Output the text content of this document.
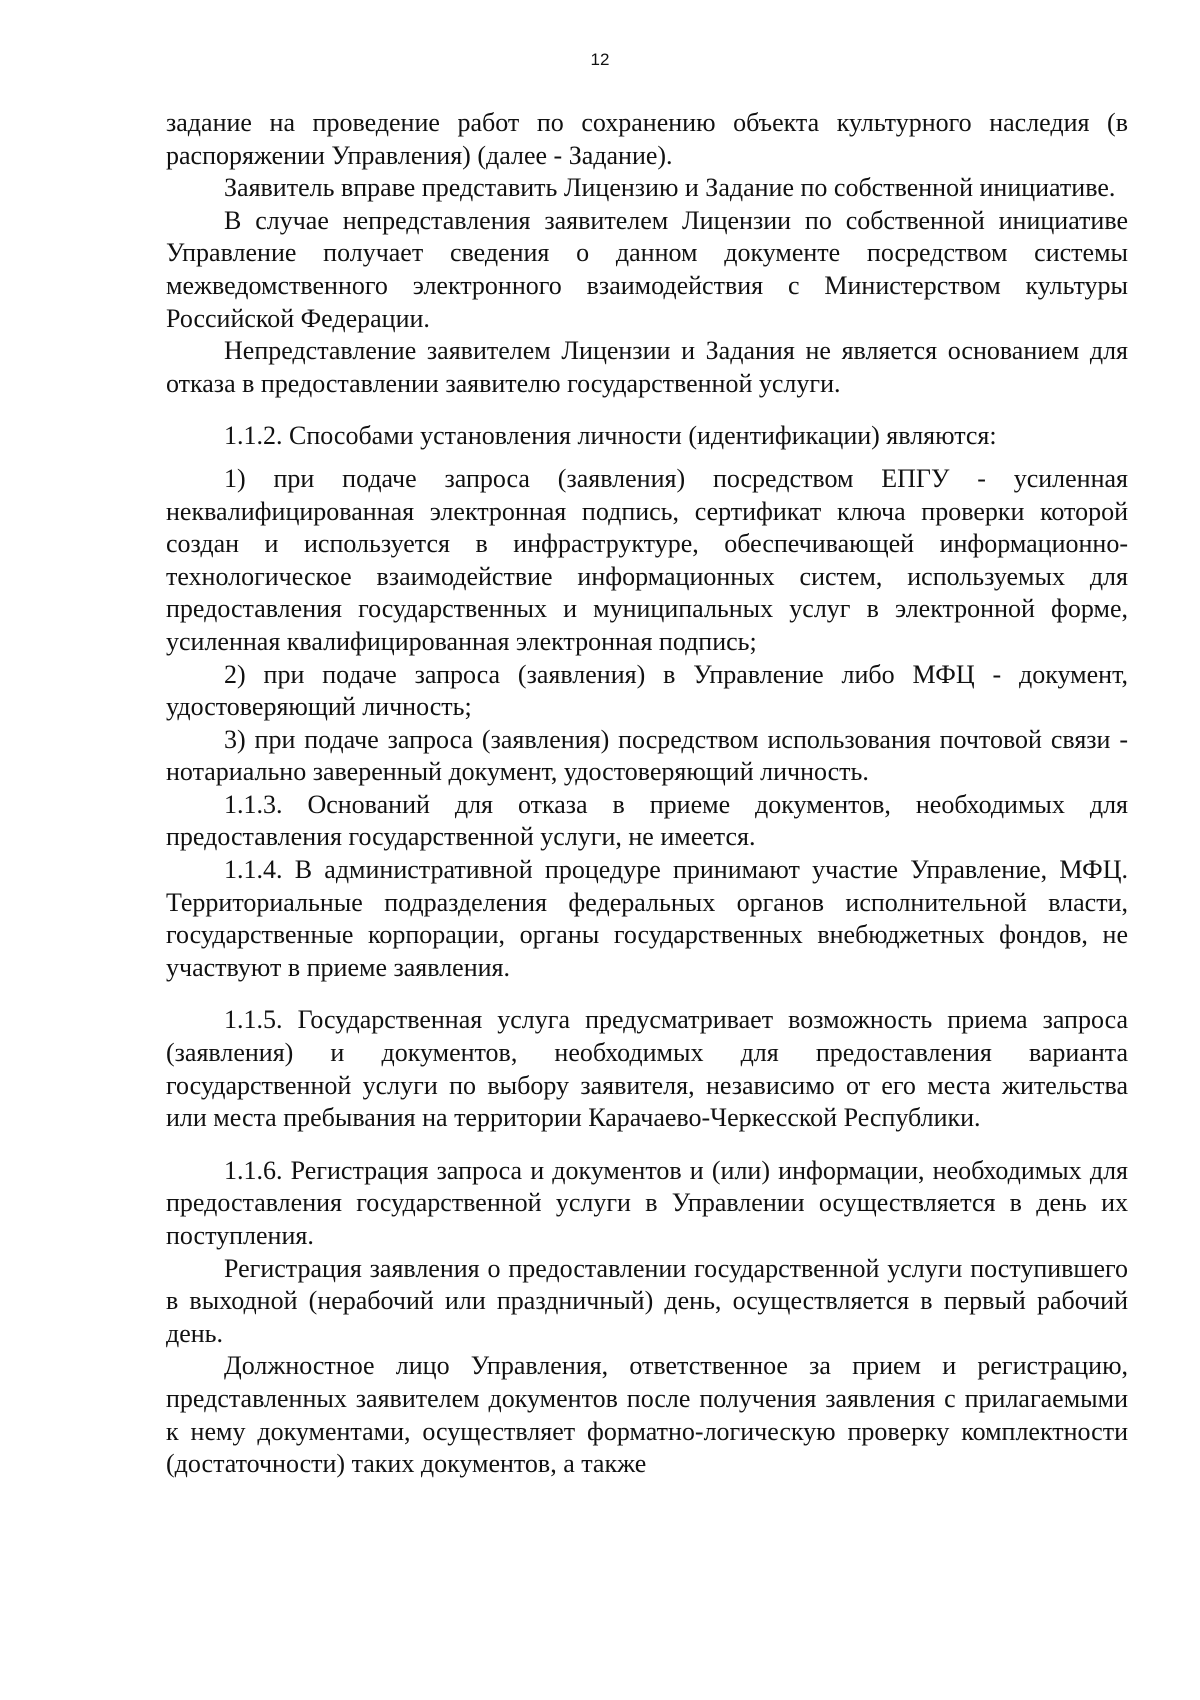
12

задание на проведение работ по сохранению объекта культурного наследия (в распоряжении Управления) (далее - Задание).

Заявитель вправе представить Лицензию и Задание по собственной инициативе.

В случае непредставления заявителем Лицензии по собственной инициативе Управление получает сведения о данном документе посредством системы межведомственного электронного взаимодействия с Министерством культуры Российской Федерации.

Непредставление заявителем Лицензии и Задания не является основанием для отказа в предоставлении заявителю государственной услуги.

1.1.2. Способами установления личности (идентификации) являются:

1) при подаче запроса (заявления) посредством ЕПГУ - усиленная неквалифицированная электронная подпись, сертификат ключа проверки которой создан и используется в инфраструктуре, обеспечивающей информационно-технологическое взаимодействие информационных систем, используемых для предоставления государственных и муниципальных услуг в электронной форме, усиленная квалифицированная электронная подпись;

2) при подаче запроса (заявления) в Управление либо МФЦ - документ, удостоверяющий личность;

3) при подаче запроса (заявления) посредством использования почтовой связи - нотариально заверенный документ, удостоверяющий личность.

1.1.3. Оснований для отказа в приеме документов, необходимых для предоставления государственной услуги, не имеется.

1.1.4. В административной процедуре принимают участие Управление, МФЦ. Территориальные подразделения федеральных органов исполнительной власти, государственные корпорации, органы государственных внебюджетных фондов, не участвуют в приеме заявления.

1.1.5. Государственная услуга предусматривает возможность приема запроса (заявления) и документов, необходимых для предоставления варианта государственной услуги по выбору заявителя, независимо от его места жительства или места пребывания на территории Карачаево-Черкесской Республики.

1.1.6. Регистрация запроса и документов и (или) информации, необходимых для предоставления государственной услуги в Управлении осуществляется в день их поступления.

Регистрация заявления о предоставлении государственной услуги поступившего в выходной (нерабочий или праздничный) день, осуществляется в первый рабочий день.

Должностное лицо Управления, ответственное за прием и регистрацию, представленных заявителем документов после получения заявления с прилагаемыми к нему документами, осуществляет форматно-логическую проверку комплектности (достаточности) таких документов, а также
